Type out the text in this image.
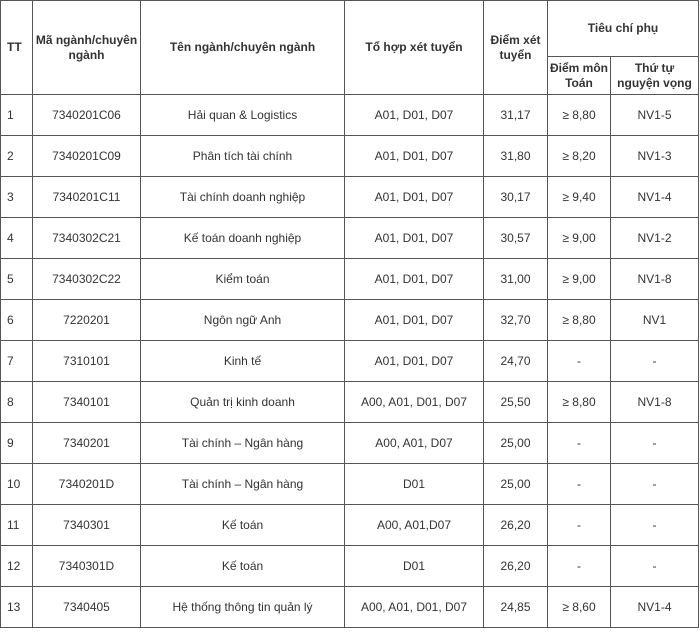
TT	Mã ngành/chuyên ngành	Tên ngành/chuyên ngành	Tổ hợp xét tuyển	Điểm xét tuyển	Tiêu chí phụ	
					Điểm môn Toán	Thứ tự nguyện vọng
1	7340201C06	Hải quan & Logistics	A01, D01, D07	31,17	≥ 8,80	NV1-5
2	7340201C09	Phân tích tài chính	A01, D01, D07	31,80	≥ 8,20	NV1-3
3	7340201C11	Tài chính doanh nghiệp	A01, D01, D07	30,17	≥ 9,40	NV1-4
4	7340302C21	Kế toán doanh nghiệp	A01, D01, D07	30,57	≥ 9,00	NV1-2
5	7340302C22	Kiểm toán	A01, D01, D07	31,00	≥ 9,00	NV1-8
6	7220201	Ngôn ngữ Anh	A01, D01, D07	32,70	≥ 8,80	NV1
7	7310101	Kinh tế	A01, D01, D07	24,70	-	-
8	7340101	Quản trị kinh doanh	A00, A01, D01, D07	25,50	≥ 8,80	NV1-8
9	7340201	Tài chính – Ngân hàng	A00, A01, D07	25,00	-	-
10	7340201D	Tài chính – Ngân hàng	D01	25,00	-	-
11	7340301	Kế toán	A00, A01,D07	26,20	-	-
12	7340301D	Kế toán	D01	26,20	-	-
13	7340405	Hệ thống thông tin quản lý	A00, A01, D01, D07	24,85	≥ 8,60	NV1-4
